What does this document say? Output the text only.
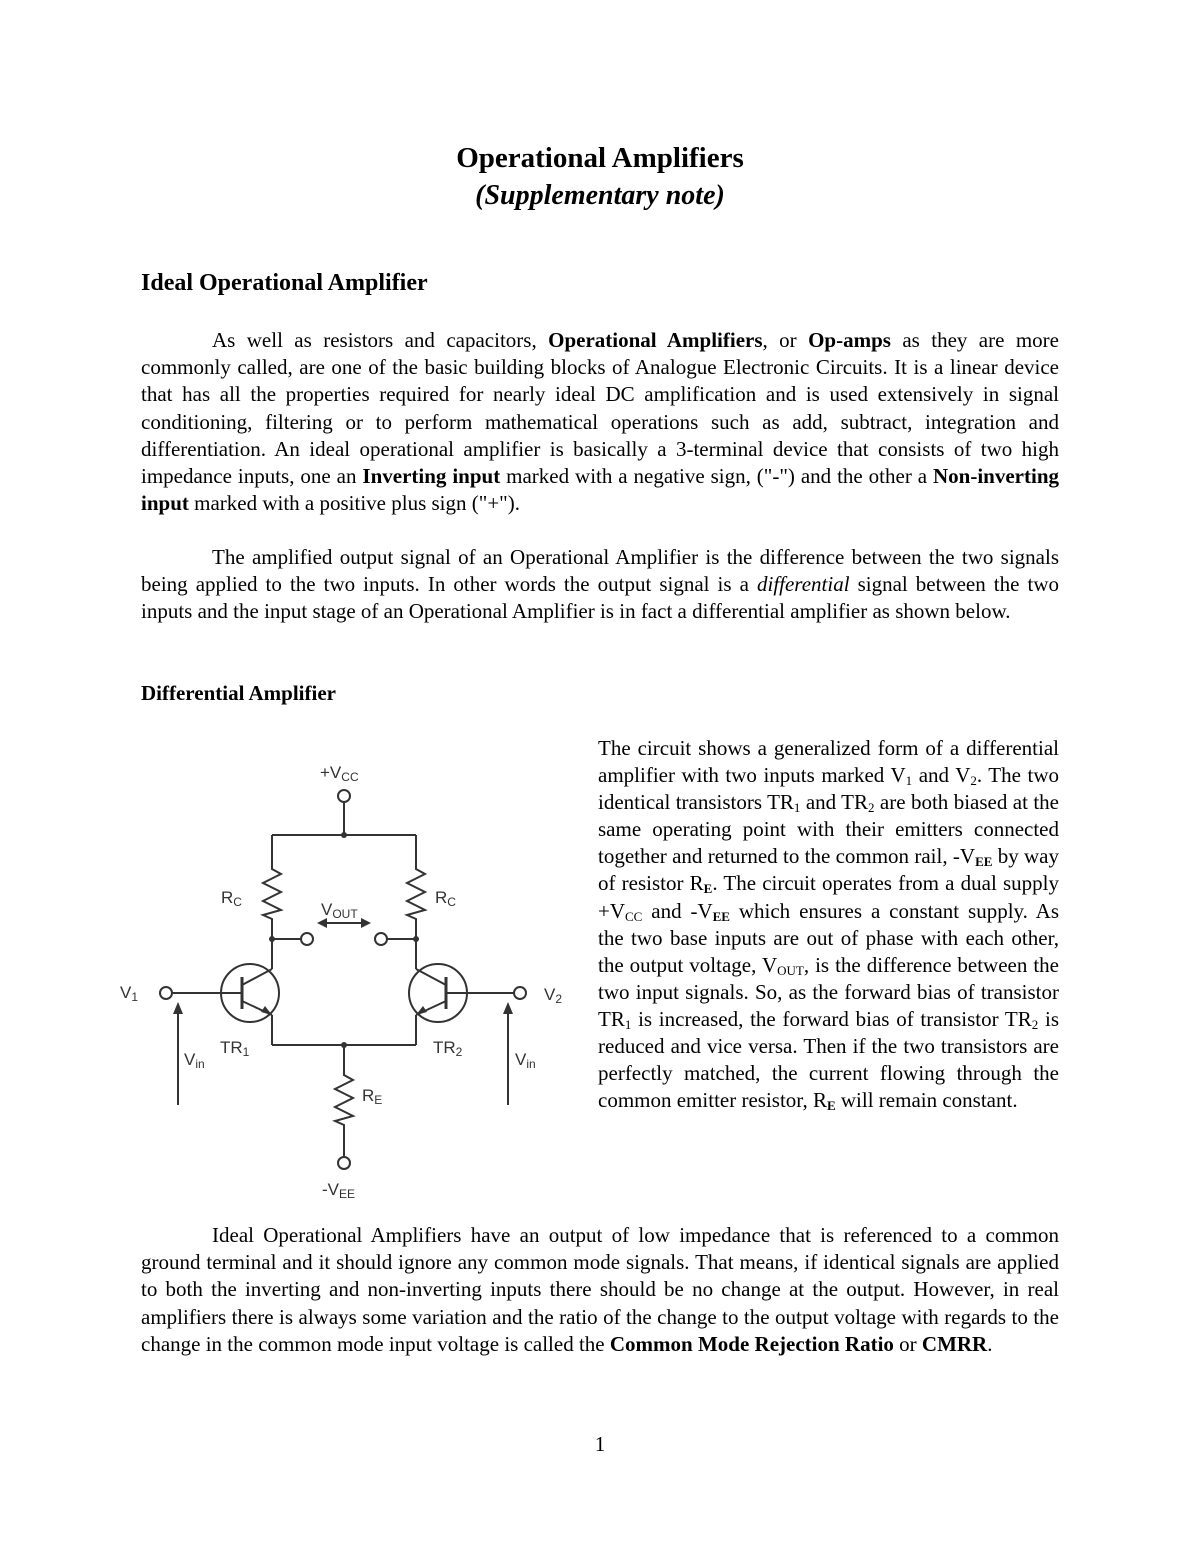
Operational Amplifiers
(Supplementary note)
Ideal Operational Amplifier

As well as resistors and capacitors, Operational Amplifiers, or Op-amps as they are more commonly called, are one of the basic building blocks of Analogue Electronic Circuits. It is a linear device that has all the properties required for nearly ideal DC amplification and is used extensively in signal conditioning, filtering or to perform mathematical operations such as add, subtract, integration and differentiation. An ideal operational amplifier is basically a 3-terminal device that consists of two high impedance inputs, one an Inverting input marked with a negative sign, ("-") and the other a Non-inverting input marked with a positive plus sign ("+").

The amplified output signal of an Operational Amplifier is the difference between the two signals being applied to the two inputs. In other words the output signal is a differential signal between the two inputs and the input stage of an Operational Amplifier is in fact a differential amplifier as shown below.

Differential Amplifier
+VCC
RC	RC
VOUT
V1	V2
TR1	TR2
Vin	Vin
RE
-VEE

The circuit shows a generalized form of a differential amplifier with two inputs marked $V_1$ and $V_2$. The two identical transistors $TR_1$ and $TR_2$ are both biased at the same operating point with their emitters connected together and returned to the common rail, $-V_{EE}$ by way of resistor $R_E$. The circuit operates from a dual supply $+V_{CC}$ and $-V_{EE}$ which ensures a constant supply. As the two base inputs are out of phase with each other, the output voltage, $V_{OUT}$, is the difference between the two input signals. So, as the forward bias of transistor $TR_1$ is increased, the forward bias of transistor $TR_2$ is reduced and vice versa. Then if the two transistors are perfectly matched, the current flowing through the common emitter resistor, $R_E$ will remain constant.

Ideal Operational Amplifiers have an output of low impedance that is referenced to a common ground terminal and it should ignore any common mode signals. That means, if identical signals are applied to both the inverting and non-inverting inputs there should be no change at the output. However, in real amplifiers there is always some variation and the ratio of the change to the output voltage with regards to the change in the common mode input voltage is called the Common Mode Rejection Ratio or CMRR.

1
